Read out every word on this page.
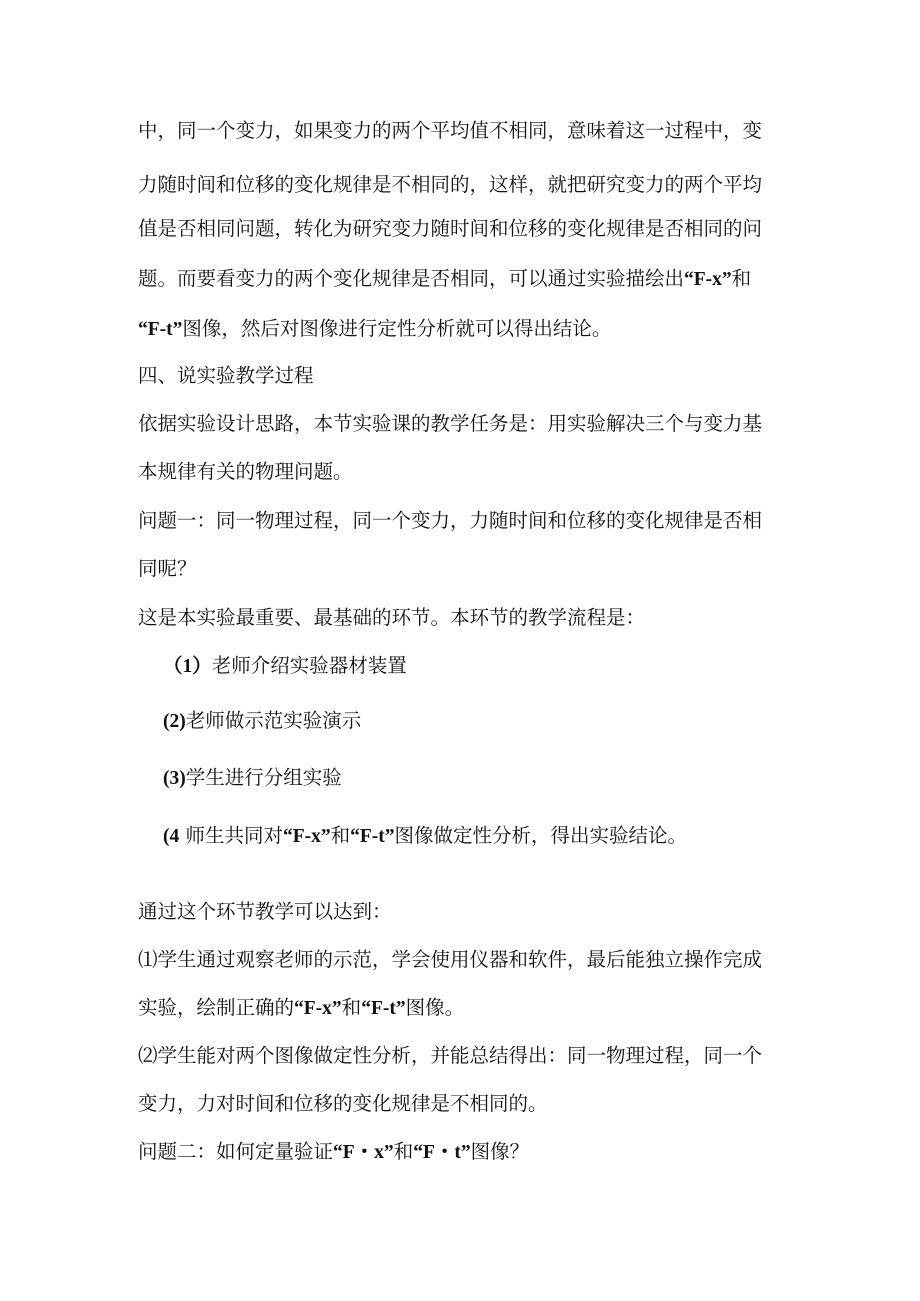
中，同一个变力，如果变力的两个平均值不相同，意味着这一过程中，变
力随时间和位移的变化规律是不相同的，这样，就把研究变力的两个平均
值是否相同问题，转化为研究变力随时间和位移的变化规律是否相同的问
题。而要看变力的两个变化规律是否相同，可以通过实验描绘出“F-x”和
“F-t”图像，然后对图像进行定性分析就可以得出结论。
四、说实验教学过程
依据实验设计思路，本节实验课的教学任务是：用实验解决三个与变力基
本规律有关的物理问题。
问题一：同一物理过程，同一个变力，力随时间和位移的变化规律是否相
同呢？
这是本实验最重要、最基础的环节。本环节的教学流程是：
（1）老师介绍实验器材装置
(2)老师做示范实验演示
(3)学生进行分组实验
(4 师生共同对“F-x”和“F-t”图像做定性分析，得出实验结论。
通过这个环节教学可以达到：
⑴学生通过观察老师的示范，学会使用仪器和软件，最后能独立操作完成
实验，绘制正确的“F-x”和“F-t”图像。
⑵学生能对两个图像做定性分析，并能总结得出：同一物理过程，同一个
变力，力对时间和位移的变化规律是不相同的。
问题二：如何定量验证“F・x”和“F・t”图像？
